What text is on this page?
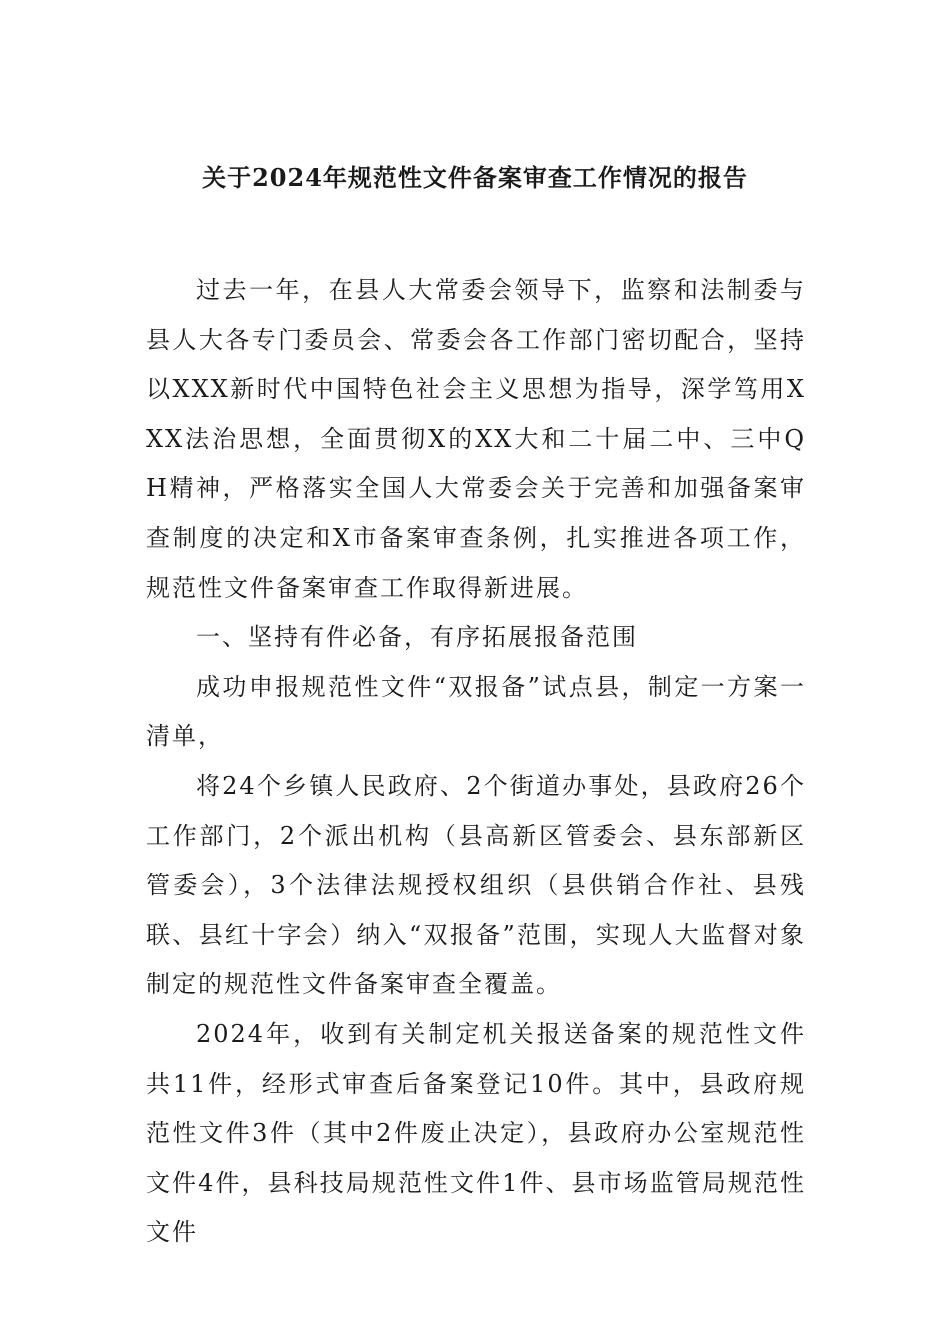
关于2024年规范性文件备案审查工作情况的报告

过去一年，在县人大常委会领导下，监察和法制委与县人大各专门委员会、常委会各工作部门密切配合，坚持以XXX新时代中国特色社会主义思想为指导，深学笃用XXX法治思想，全面贯彻X的XX大和二十届二中、三中QH精神，严格落实全国人大常委会关于完善和加强备案审查制度的决定和X市备案审查条例，扎实推进各项工作，规范性文件备案审查工作取得新进展。

一、坚持有件必备，有序拓展报备范围

成功申报规范性文件“双报备”试点县，制定一方案一清单，

将24个乡镇人民政府、2个街道办事处，县政府26个工作部门，2个派出机构（县高新区管委会、县东部新区管委会），3个法律法规授权组织（县供销合作社、县残联、县红十字会）纳入“双报备”范围，实现人大监督对象制定的规范性文件备案审查全覆盖。

2024年，收到有关制定机关报送备案的规范性文件共11件，经形式审查后备案登记10件。其中，县政府规范性文件3件（其中2件废止决定），县政府办公室规范性文件4件，县科技局规范性文件1件、县市场监管局规范性文件
